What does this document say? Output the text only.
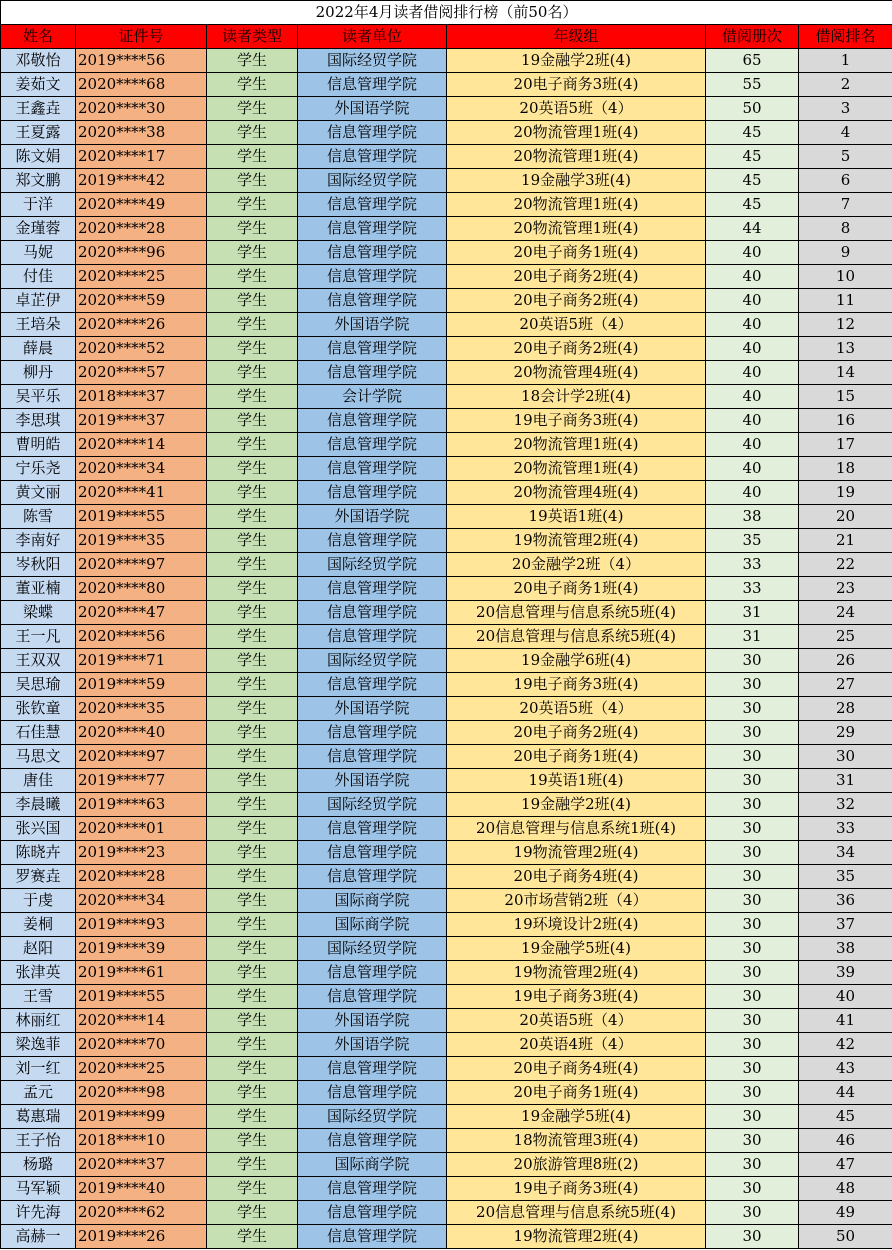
2022年4月读者借阅排行榜（前50名）						
姓名	证件号	读者类型	读者单位	年级组	借阅册次	借阅排名
邓敬怡	2019****56	学生	国际经贸学院	19金融学2班(4)	65	1
姜茹文	2020****68	学生	信息管理学院	20电子商务3班(4)	55	2
王鑫垚	2020****30	学生	外国语学院	20英语5班（4）	50	3
王夏露	2020****38	学生	信息管理学院	20物流管理1班(4)	45	4
陈文娟	2020****17	学生	信息管理学院	20物流管理1班(4)	45	5
郑文鹏	2019****42	学生	国际经贸学院	19金融学3班(4)	45	6
于洋	2020****49	学生	信息管理学院	20物流管理1班(4)	45	7
金瑾蓉	2020****28	学生	信息管理学院	20物流管理1班(4)	44	8
马妮	2020****96	学生	信息管理学院	20电子商务1班(4)	40	9
付佳	2020****25	学生	信息管理学院	20电子商务2班(4)	40	10
卓芷伊	2020****59	学生	信息管理学院	20电子商务2班(4)	40	11
王培朵	2020****26	学生	外国语学院	20英语5班（4）	40	12
薛晨	2020****52	学生	信息管理学院	20电子商务2班(4)	40	13
柳丹	2020****57	学生	信息管理学院	20物流管理4班(4)	40	14
吴平乐	2018****37	学生	会计学院	18会计学2班(4)	40	15
李思琪	2019****37	学生	信息管理学院	19电子商务3班(4)	40	16
曹明皓	2020****14	学生	信息管理学院	20物流管理1班(4)	40	17
宁乐尧	2020****34	学生	信息管理学院	20物流管理1班(4)	40	18
黄文丽	2020****41	学生	信息管理学院	20物流管理4班(4)	40	19
陈雪	2019****55	学生	外国语学院	19英语1班(4)	38	20
李南好	2019****35	学生	信息管理学院	19物流管理2班(4)	35	21
岑秋阳	2020****97	学生	国际经贸学院	20金融学2班（4）	33	22
董亚楠	2020****80	学生	信息管理学院	20电子商务1班(4)	33	23
梁蝶	2020****47	学生	信息管理学院	20信息管理与信息系统5班(4)	31	24
王一凡	2020****56	学生	信息管理学院	20信息管理与信息系统5班(4)	31	25
王双双	2019****71	学生	国际经贸学院	19金融学6班(4)	30	26
吴思瑜	2019****59	学生	信息管理学院	19电子商务3班(4)	30	27
张钦童	2020****35	学生	外国语学院	20英语5班（4）	30	28
石佳慧	2020****40	学生	信息管理学院	20电子商务2班(4)	30	29
马思文	2020****97	学生	信息管理学院	20电子商务1班(4)	30	30
唐佳	2019****77	学生	外国语学院	19英语1班(4)	30	31
李晨曦	2019****63	学生	国际经贸学院	19金融学2班(4)	30	32
张兴国	2020****01	学生	信息管理学院	20信息管理与信息系统1班(4)	30	33
陈晓卉	2019****23	学生	信息管理学院	19物流管理2班(4)	30	34
罗赛垚	2020****28	学生	信息管理学院	20电子商务4班(4)	30	35
于虔	2020****34	学生	国际商学院	20市场营销2班（4）	30	36
姜桐	2019****93	学生	国际商学院	19环境设计2班(4)	30	37
赵阳	2019****39	学生	国际经贸学院	19金融学5班(4)	30	38
张津英	2019****61	学生	信息管理学院	19物流管理2班(4)	30	39
王雪	2019****55	学生	信息管理学院	19电子商务3班(4)	30	40
林丽红	2020****14	学生	外国语学院	20英语5班（4）	30	41
梁逸菲	2020****70	学生	外国语学院	20英语4班（4）	30	42
刘一红	2020****25	学生	信息管理学院	20电子商务4班(4)	30	43
孟元	2020****98	学生	信息管理学院	20电子商务1班(4)	30	44
葛惠瑞	2019****99	学生	国际经贸学院	19金融学5班(4)	30	45
王子怡	2018****10	学生	信息管理学院	18物流管理3班(4)	30	46
杨璐	2020****37	学生	国际商学院	20旅游管理8班(2)	30	47
马军颖	2019****40	学生	信息管理学院	19电子商务3班(4)	30	48
许先海	2020****62	学生	信息管理学院	20信息管理与信息系统5班(4)	30	49
高赫一	2019****26	学生	信息管理学院	19物流管理2班(4)	30	50
